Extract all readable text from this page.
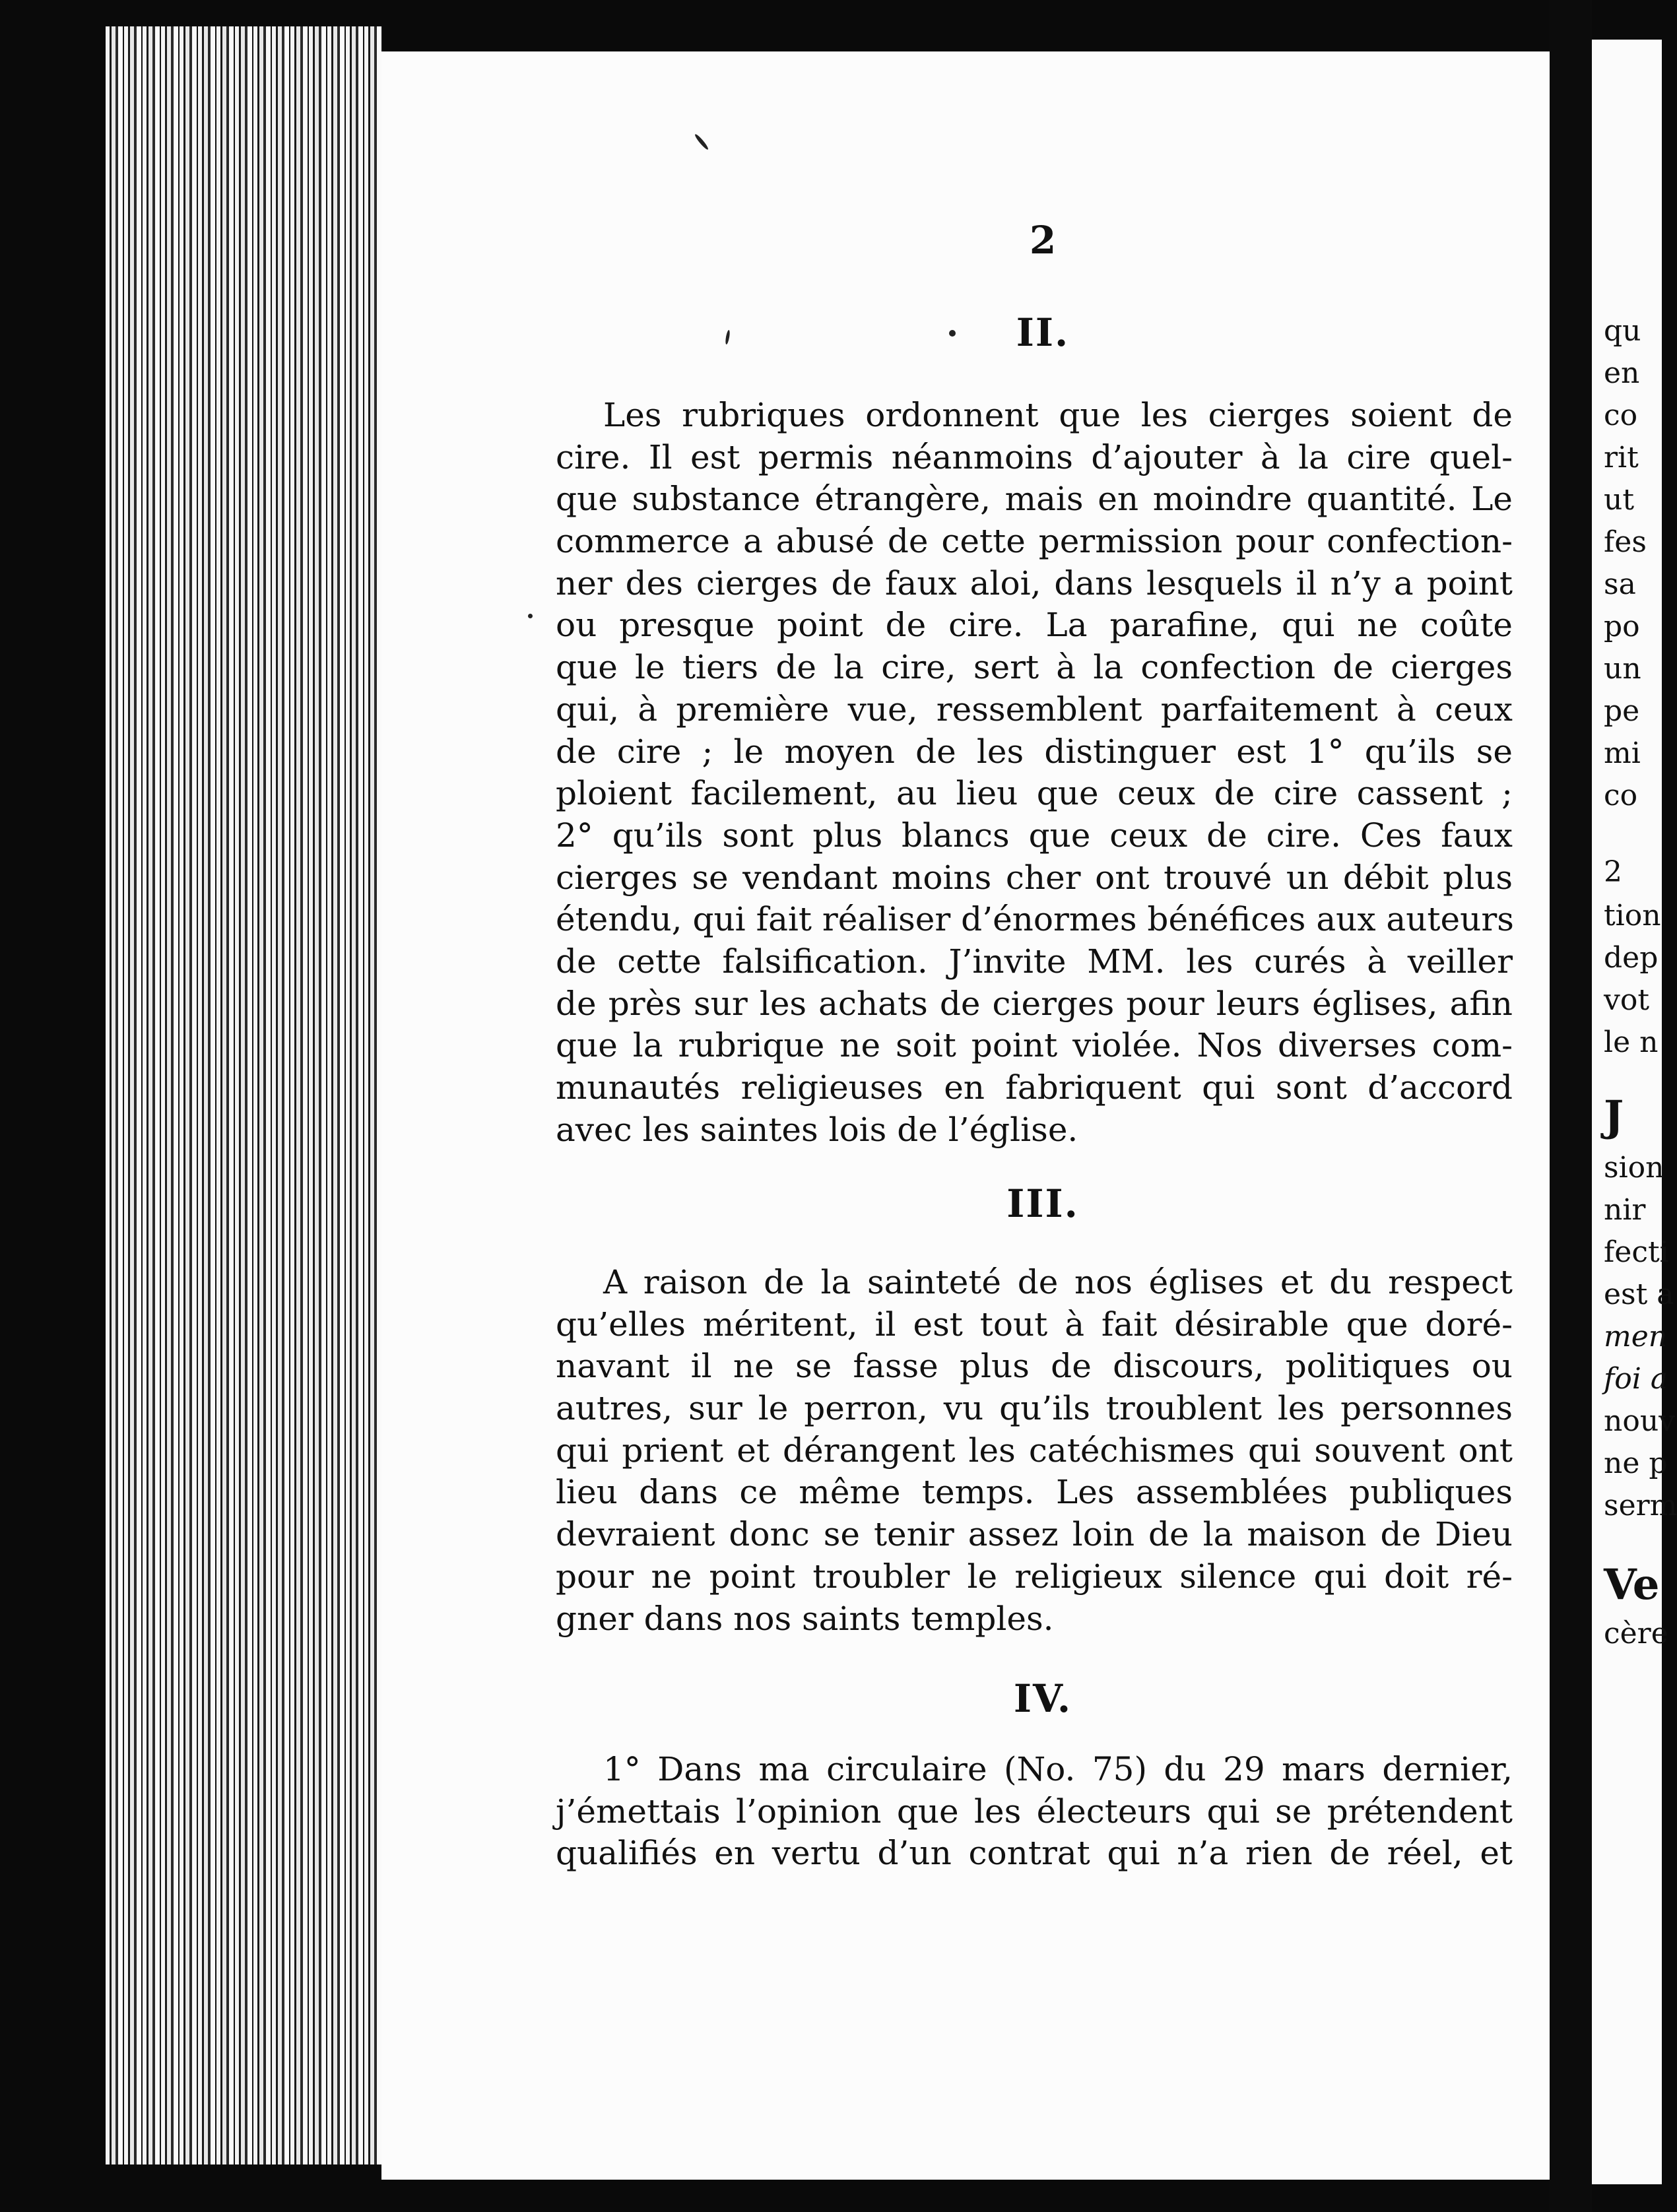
qu
en
co
rit
ut
fes
sa
po
un
pe
mi
co
2
tion
dep
vot
le n
J
sion
nir
fecti
est a
men
foi a
nouv
ne p
serm
Ve
cère
2
II.
Les rubriques ordonnent que les cierges soient de
cire. Il est permis néanmoins d’ajouter à la cire quel-
que substance étrangère, mais en moindre quantité. Le
commerce a abusé de cette permission pour confection-
ner des cierges de faux aloi, dans lesquels il n’y a point
ou presque point de cire. La parafine, qui ne coûte
que le tiers de la cire, sert à la confection de cierges
qui, à première vue, ressemblent parfaitement à ceux
de cire ; le moyen de les distinguer est 1° qu’ils se
ploient facilement, au lieu que ceux de cire cassent ;
2° qu’ils sont plus blancs que ceux de cire. Ces faux
cierges se vendant moins cher ont trouvé un débit plus
étendu, qui fait réaliser d’énormes bénéfices aux auteurs
de cette falsification. J’invite MM. les curés à veiller
de près sur les achats de cierges pour leurs églises, afin
que la rubrique ne soit point violée. Nos diverses com-
munautés religieuses en fabriquent qui sont d’accord
avec les saintes lois de l’église.
III.
A raison de la sainteté de nos églises et du respect
qu’elles méritent, il est tout à fait désirable que doré-
navant il ne se fasse plus de discours, politiques ou
autres, sur le perron, vu qu’ils troublent les personnes
qui prient et dérangent les catéchismes qui souvent ont
lieu dans ce même temps. Les assemblées publiques
devraient donc se tenir assez loin de la maison de Dieu
pour ne point troubler le religieux silence qui doit ré-
gner dans nos saints temples.
IV.
1° Dans ma circulaire (No. 75) du 29 mars dernier,
j’émettais l’opinion que les électeurs qui se prétendent
qualifiés en vertu d’un contrat qui n’a rien de réel, et
